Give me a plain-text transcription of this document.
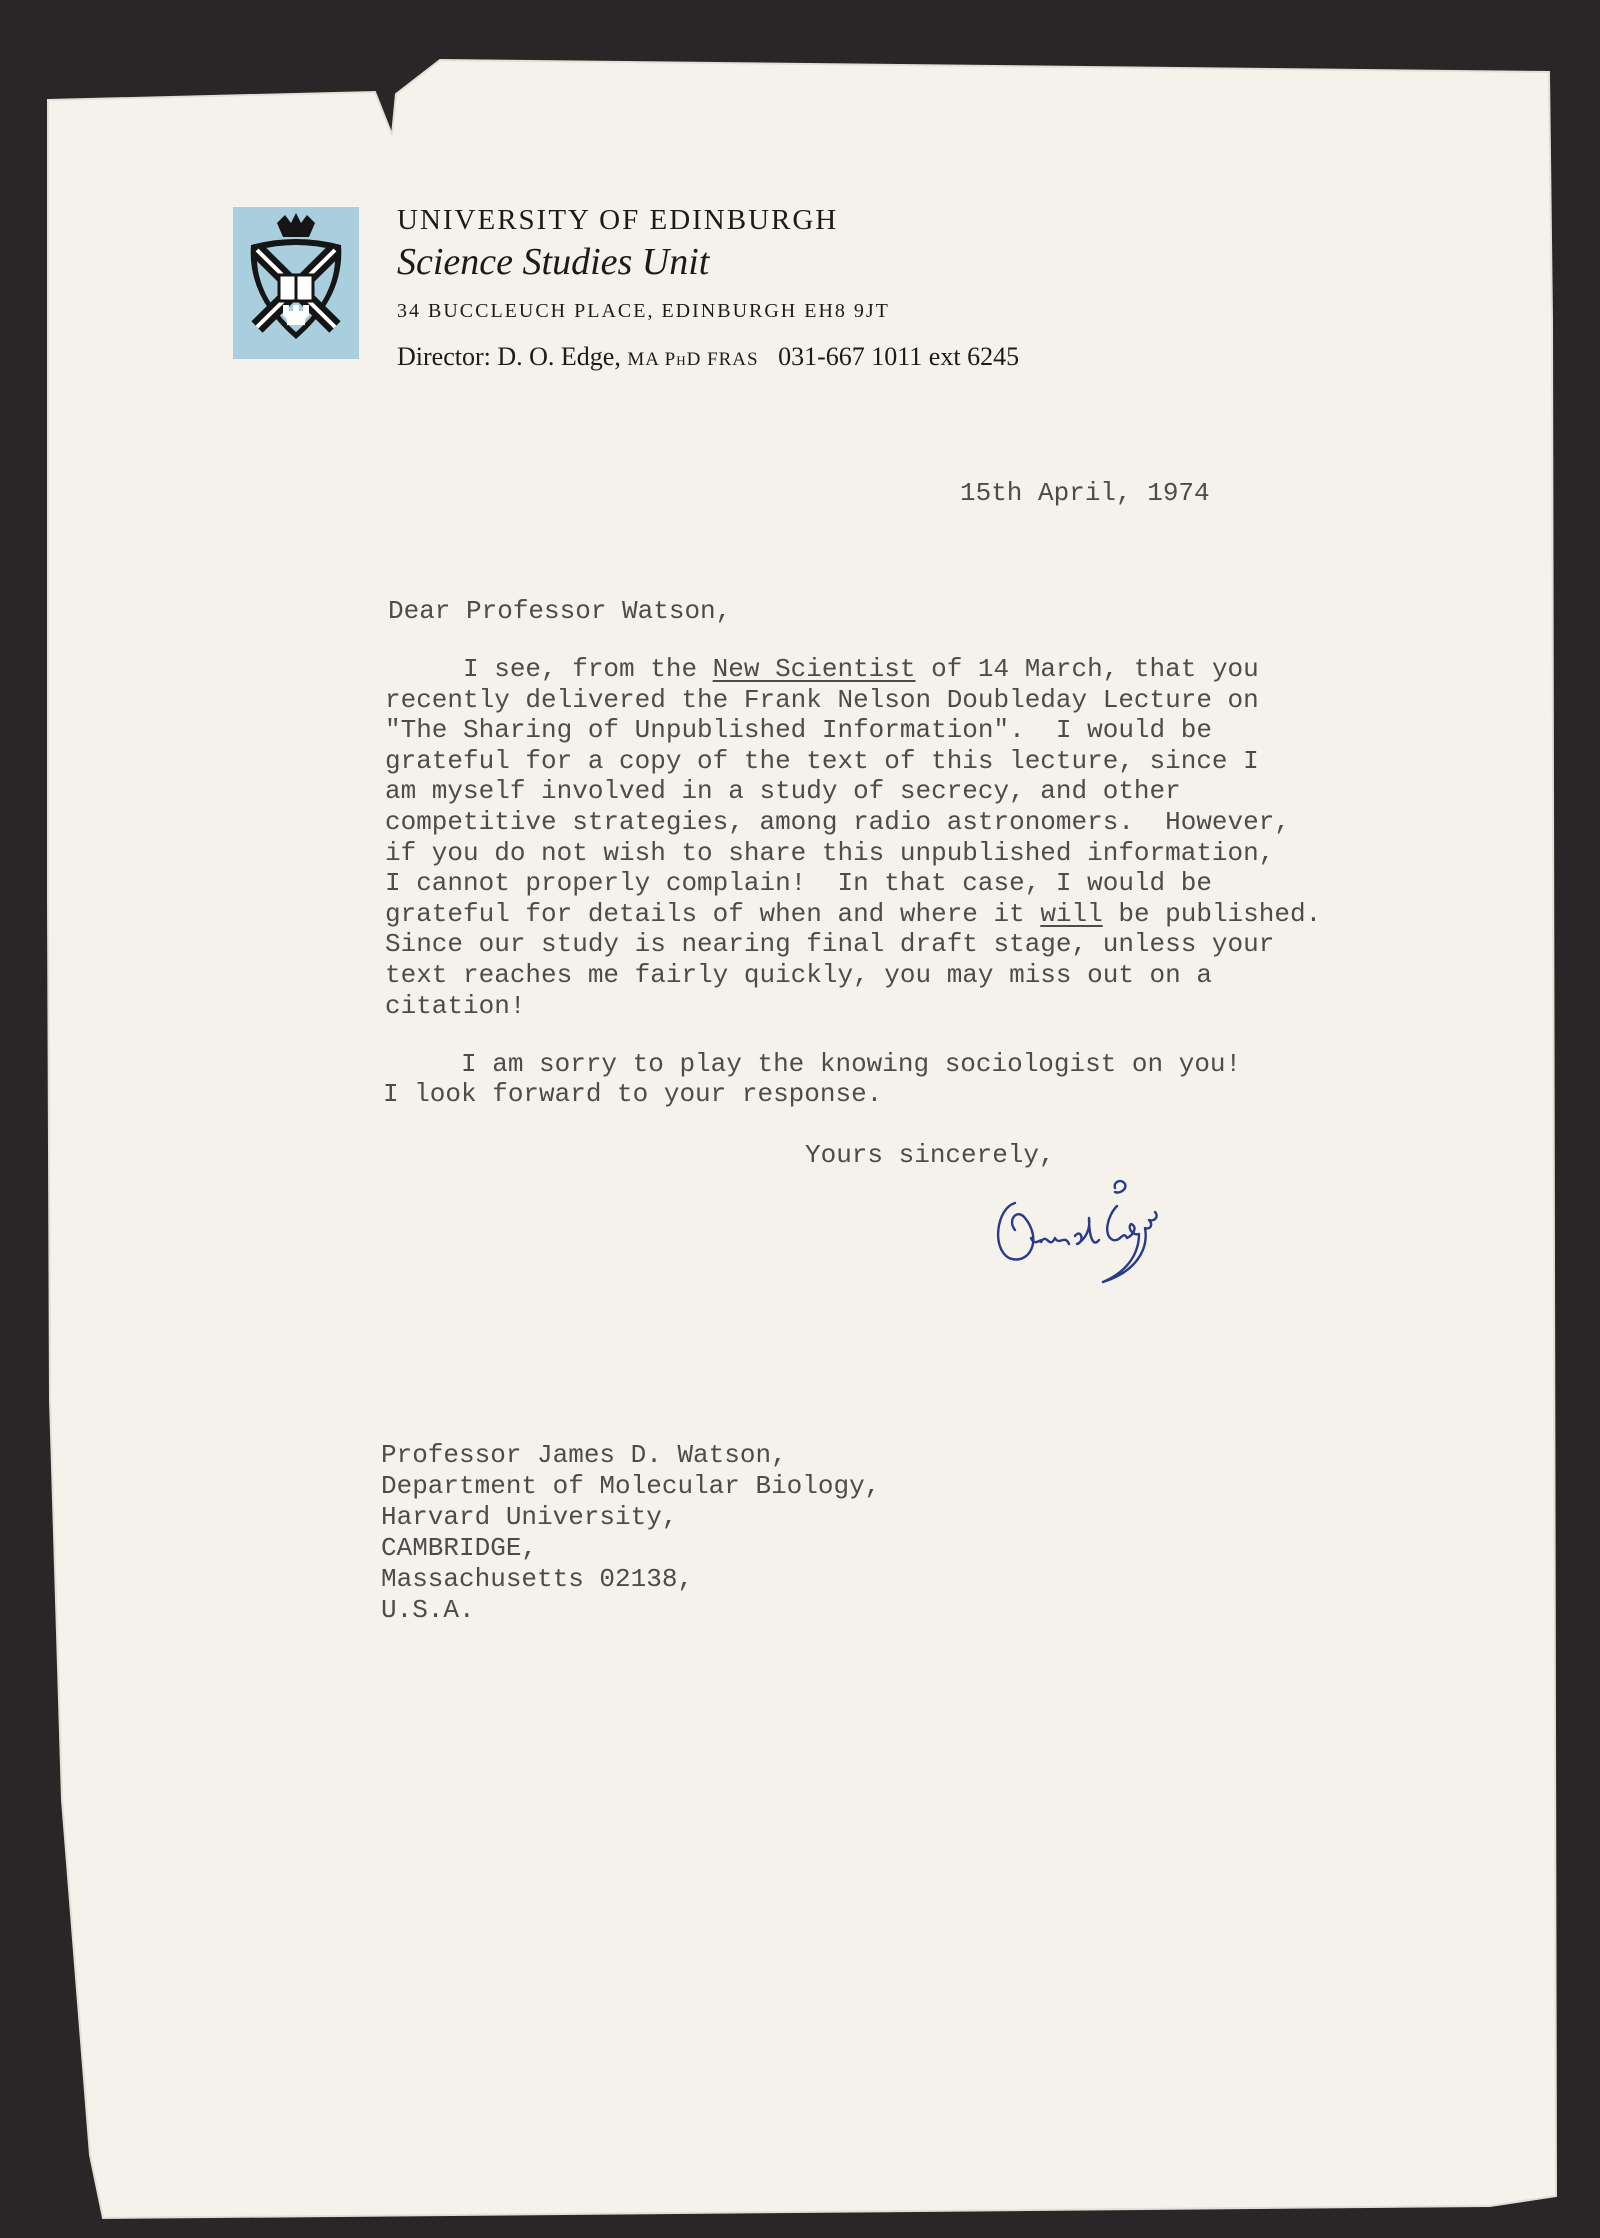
UNIVERSITY OF EDINBURGH
Science Studies Unit
34 BUCCLEUCH PLACE, EDINBURGH EH8 9JT
Director: D. O. Edge, MA PhD FRAS 031-667 1011 ext 6245
15th April, 1974
Dear Professor Watson,
I see, from the New Scientist of 14 March, that you
recently delivered the Frank Nelson Doubleday Lecture on
"The Sharing of Unpublished Information".  I would be
grateful for a copy of the text of this lecture, since I
am myself involved in a study of secrecy, and other
competitive strategies, among radio astronomers.  However,
if you do not wish to share this unpublished information,
I cannot properly complain!  In that case, I would be
grateful for details of when and where it will be published.
Since our study is nearing final draft stage, unless your
text reaches me fairly quickly, you may miss out on a
citation!
I am sorry to play the knowing sociologist on you!
I look forward to your response.
Yours sincerely,
Professor James D. Watson,
Department of Molecular Biology,
Harvard University,
CAMBRIDGE,
Massachusetts 02138,
U.S.A.
